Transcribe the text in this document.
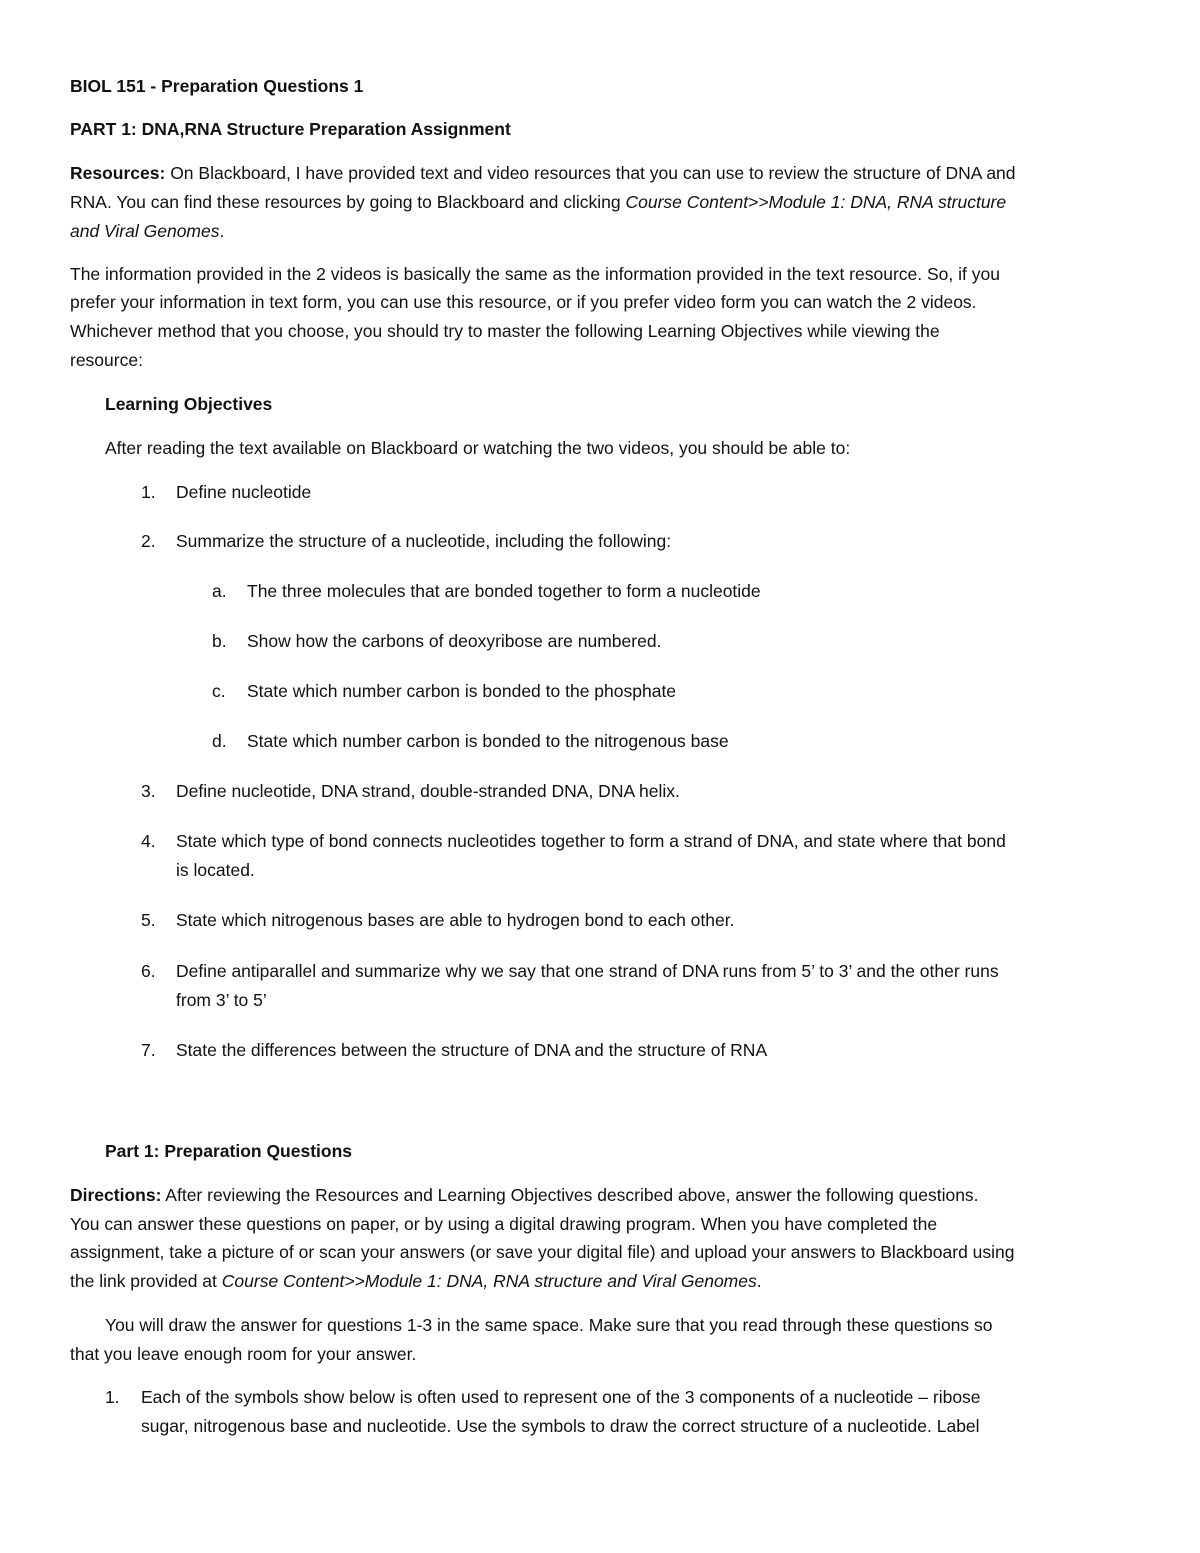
BIOL 151 - Preparation Questions 1
PART 1: DNA,RNA Structure Preparation Assignment
Resources: On Blackboard, I have provided text and video resources that you can use to review the structure of DNA and
RNA. You can find these resources by going to Blackboard and clicking Course Content>>Module 1: DNA, RNA structure
and Viral Genomes.
The information provided in the 2 videos is basically the same as the information provided in the text resource. So, if you
prefer your information in text form, you can use this resource, or if you prefer video form you can watch the 2 videos.
Whichever method that you choose, you should try to master the following Learning Objectives while viewing the
resource:
Learning Objectives
After reading the text available on Blackboard or watching the two videos, you should be able to:
1. Define nucleotide
2. Summarize the structure of a nucleotide, including the following:
a. The three molecules that are bonded together to form a nucleotide
b. Show how the carbons of deoxyribose are numbered.
c. State which number carbon is bonded to the phosphate
d. State which number carbon is bonded to the nitrogenous base
3. Define nucleotide, DNA strand, double-stranded DNA, DNA helix.
4. State which type of bond connects nucleotides together to form a strand of DNA, and state where that bond
is located.
5. State which nitrogenous bases are able to hydrogen bond to each other.
6. Define antiparallel and summarize why we say that one strand of DNA runs from 5’ to 3’ and the other runs
from 3’ to 5’
7. State the differences between the structure of DNA and the structure of RNA
Part 1: Preparation Questions
Directions: After reviewing the Resources and Learning Objectives described above, answer the following questions.
You can answer these questions on paper, or by using a digital drawing program. When you have completed the
assignment, take a picture of or scan your answers (or save your digital file) and upload your answers to Blackboard using
the link provided at Course Content>>Module 1: DNA, RNA structure and Viral Genomes.
You will draw the answer for questions 1-3 in the same space. Make sure that you read through these questions so
that you leave enough room for your answer.
1. Each of the symbols show below is often used to represent one of the 3 components of a nucleotide – ribose
sugar, nitrogenous base and nucleotide. Use the symbols to draw the correct structure of a nucleotide. Label
